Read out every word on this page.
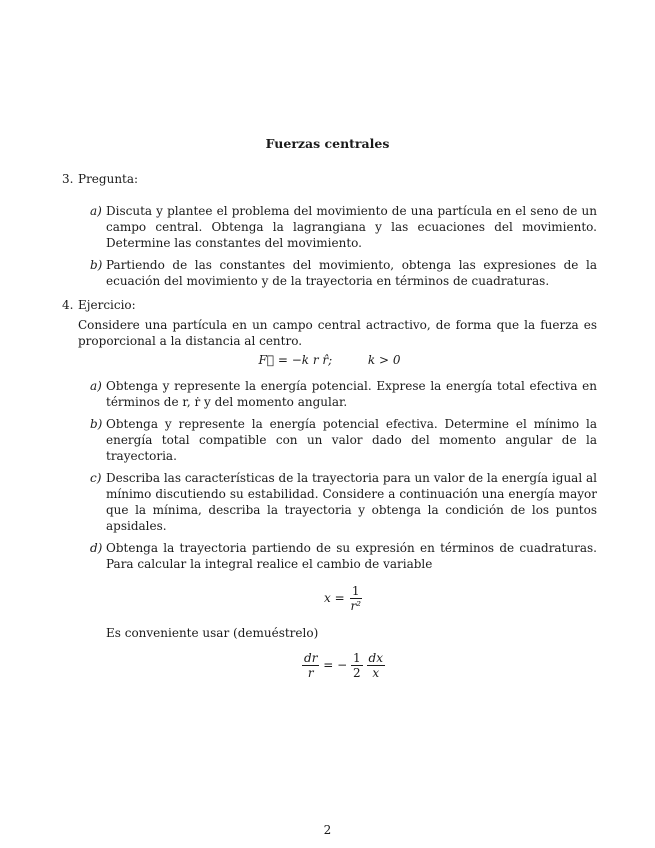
Fuerzas centrales
3. Pregunta:
a) Discuta y plantee el problema del movimiento de una partícula en el seno de un campo central. Obtenga la lagrangiana y las ecuaciones del movimiento. Determine las constantes del movimiento.
b) Partiendo de las constantes del movimiento, obtenga las expresiones de la ecuación del movimiento y de la trayectoria en términos de cuadraturas.
4. Ejercicio:
Considere una partícula en un campo central actractivo, de forma que la fuerza es proporcional a la distancia al centro.
F⃗ = −k r r̂;	k > 0
a) Obtenga y represente la energía potencial. Exprese la energía total efectiva en términos de r, ṙ y del momento angular.
b) Obtenga y represente la energía potencial efectiva. Determine el mínimo la energía total compatible con un valor dado del momento angular de la trayectoria.
c) Describa las características de la trayectoria para un valor de la energía igual al mínimo discutiendo su estabilidad. Considere a continuación una energía mayor que la mínima, describa la trayectoria y obtenga la condición de los puntos apsidales.
d) Obtenga la trayectoria partiendo de su expresión en términos de cuadraturas. Para calcular la integral realice el cambio de variable
$x = \frac{1}{\text{r²}}$
Es conveniente usar (demuéstrelo)
$\frac{dr}{r}$ = − $\frac{1}{2}$
$\frac{dx}{x}$
2
